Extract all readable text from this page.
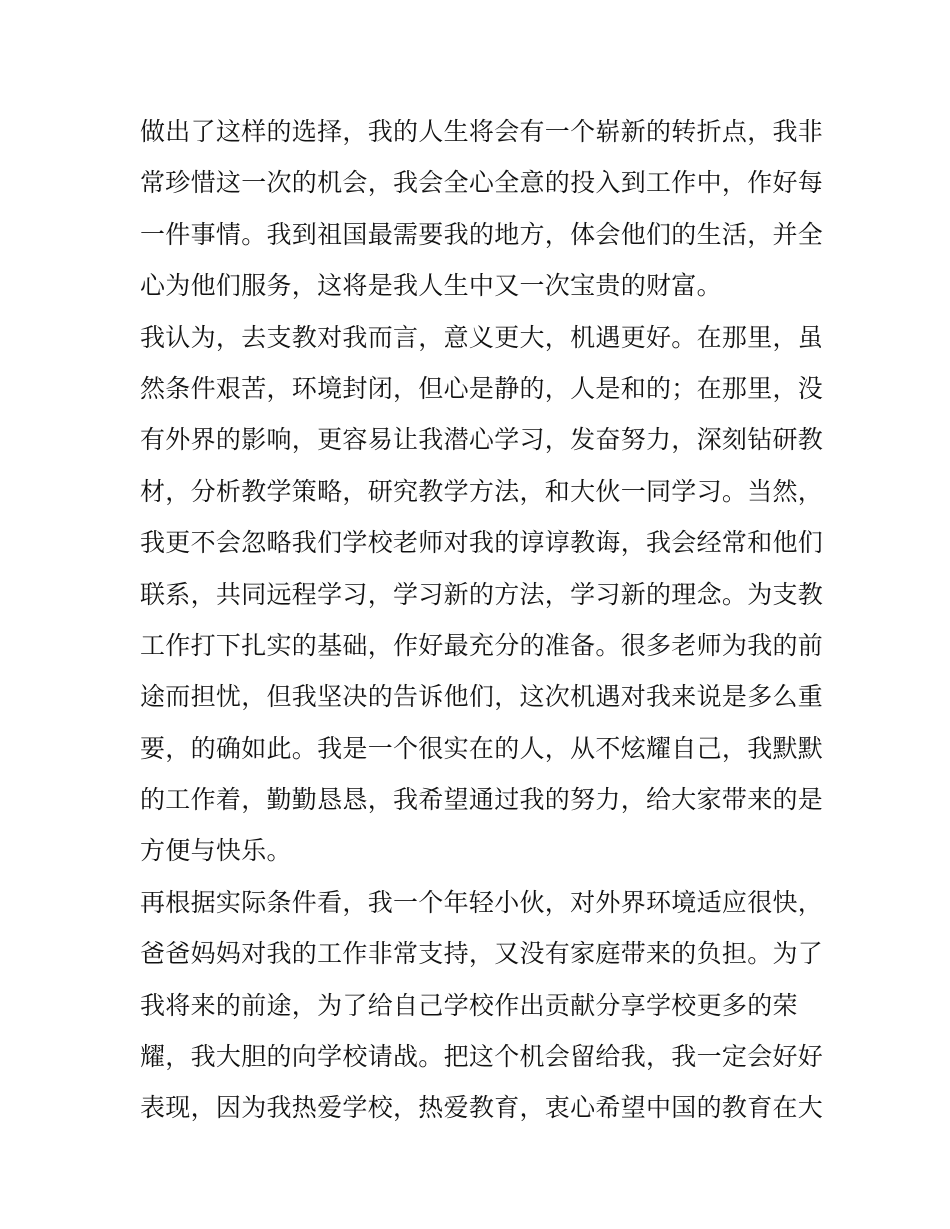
做出了这样的选择，我的人生将会有一个崭新的转折点，我非
常珍惜这一次的机会，我会全心全意的投入到工作中，作好每
一件事情。我到祖国最需要我的地方，体会他们的生活，并全
心为他们服务，这将是我人生中又一次宝贵的财富。
我认为，去支教对我而言，意义更大，机遇更好。在那里，虽
然条件艰苦，环境封闭，但心是静的，人是和的；在那里，没
有外界的影响，更容易让我潜心学习，发奋努力，深刻钻研教
材，分析教学策略，研究教学方法，和大伙一同学习。当然，
我更不会忽略我们学校老师对我的谆谆教诲，我会经常和他们
联系，共同远程学习，学习新的方法，学习新的理念。为支教
工作打下扎实的基础，作好最充分的准备。很多老师为我的前
途而担忧，但我坚决的告诉他们，这次机遇对我来说是多么重
要，的确如此。我是一个很实在的人，从不炫耀自己，我默默
的工作着，勤勤恳恳，我希望通过我的努力，给大家带来的是
方便与快乐。
再根据实际条件看，我一个年轻小伙，对外界环境适应很快，
爸爸妈妈对我的工作非常支持，又没有家庭带来的负担。为了
我将来的前途，为了给自己学校作出贡献分享学校更多的荣
耀，我大胆的向学校请战。把这个机会留给我，我一定会好好
表现，因为我热爱学校，热爱教育，衷心希望中国的教育在大
